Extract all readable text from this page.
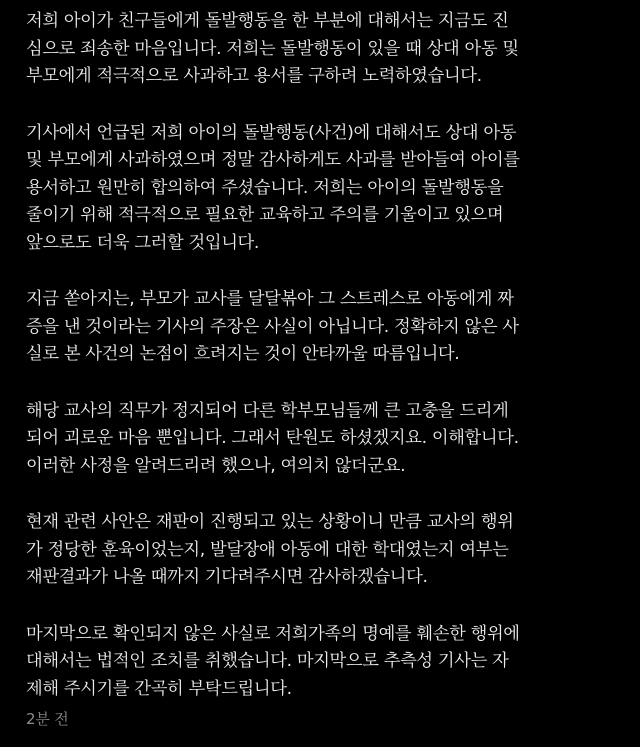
저희 아이가 친구들에게 돌발행동을 한 부분에 대해서는 지금도 진
심으로 죄송한 마음입니다. 저희는 돌발행동이 있을 때 상대 아동 및
부모에게 적극적으로 사과하고 용서를 구하려 노력하였습니다.
기사에서 언급된 저희 아이의 돌발행동(사건)에 대해서도 상대 아동
및 부모에게 사과하였으며 정말 감사하게도 사과를 받아들여 아이를
용서하고 원만히 합의하여 주셨습니다. 저희는 아이의 돌발행동을
줄이기 위해 적극적으로 필요한 교육하고 주의를 기울이고 있으며
앞으로도 더욱 그러할 것입니다.
지금 쏟아지는, 부모가 교사를 달달볶아 그 스트레스로 아동에게 짜
증을 낸 것이라는 기사의 주장은 사실이 아닙니다. 정확하지 않은 사
실로 본 사건의 논점이 흐려지는 것이 안타까울 따름입니다.
해당 교사의 직무가 정지되어 다른 학부모님들께 큰 고충을 드리게
되어 괴로운 마음 뿐입니다. 그래서 탄원도 하셨겠지요. 이해합니다.
이러한 사정을 알려드리려 했으나, 여의치 않더군요.
현재 관련 사안은 재판이 진행되고 있는 상황이니 만큼 교사의 행위
가 정당한 훈육이었는지, 발달장애 아동에 대한 학대였는지 여부는
재판결과가 나올 때까지 기다려주시면 감사하겠습니다.
마지막으로 확인되지 않은 사실로 저희가족의 명예를 훼손한 행위에
대해서는 법적인 조치를 취했습니다. 마지막으로 추측성 기사는 자
제해 주시기를 간곡히 부탁드립니다.
2분 전
